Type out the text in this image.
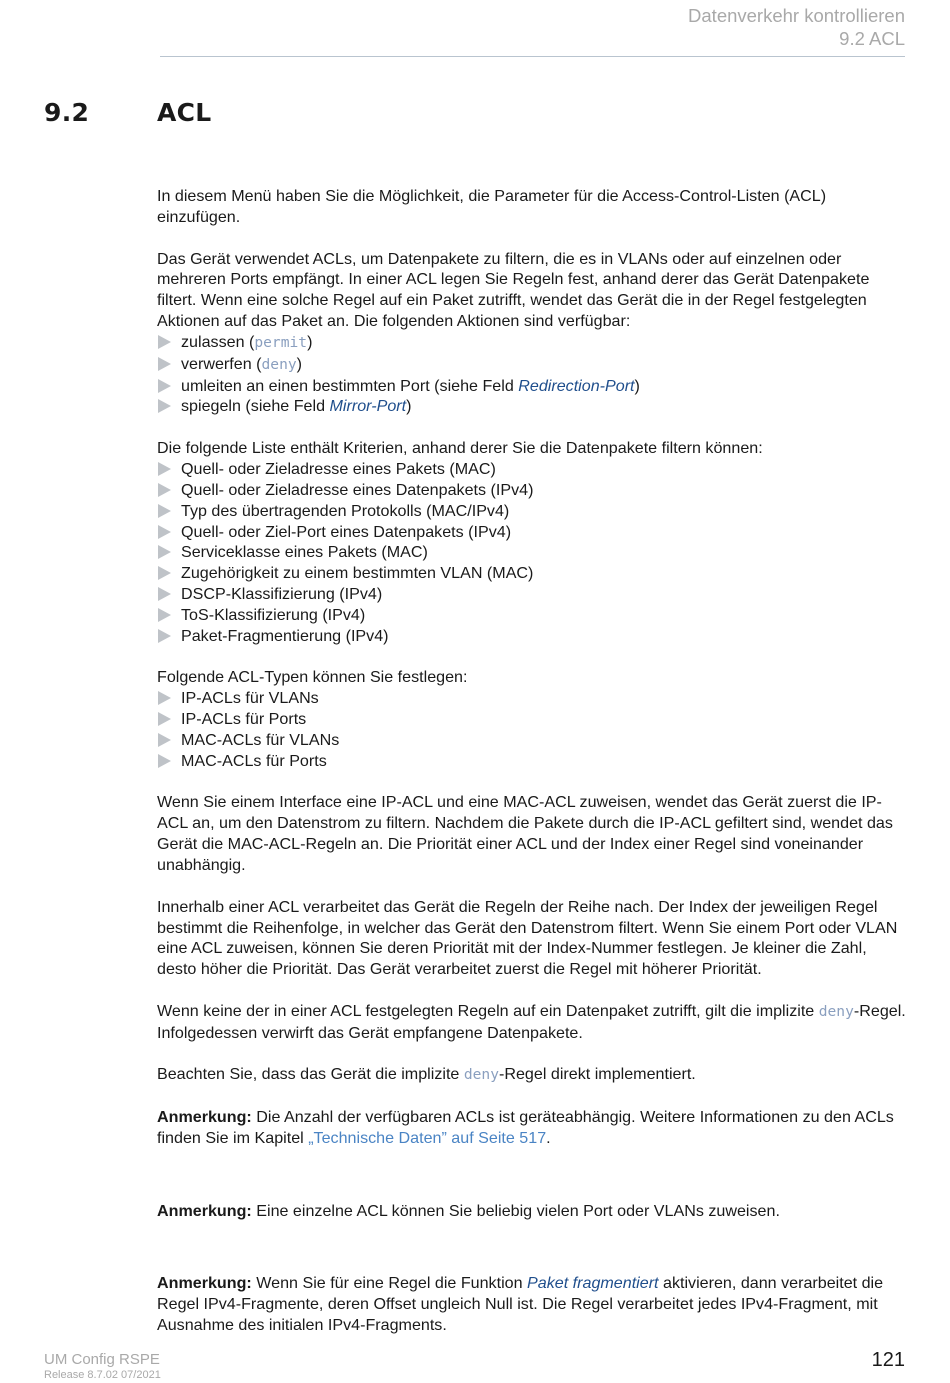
Datenverkehr kontrollieren
9.2 ACL
9.2	ACL

In diesem Menü haben Sie die Möglichkeit, die Parameter für die Access-Control-Listen (ACL) einzufügen.

Das Gerät verwendet ACLs, um Datenpakete zu filtern, die es in VLANs oder auf einzelnen oder mehreren Ports empfängt. In einer ACL legen Sie Regeln fest, anhand derer das Gerät Datenpakete filtert. Wenn eine solche Regel auf ein Paket zutrifft, wendet das Gerät die in der Regel festgelegten Aktionen auf das Paket an. Die folgenden Aktionen sind verfügbar:

zulassen (permit)
verwerfen (deny)
umleiten an einen bestimmten Port (siehe Feld Redirection-Port)
spiegeln (siehe Feld Mirror-Port)

Die folgende Liste enthält Kriterien, anhand derer Sie die Datenpakete filtern können:

Quell- oder Zieladresse eines Pakets (MAC)
Quell- oder Zieladresse eines Datenpakets (IPv4)
Typ des übertragenden Protokolls (MAC/IPv4)
Quell- oder Ziel-Port eines Datenpakets (IPv4)
Serviceklasse eines Pakets (MAC)
Zugehörigkeit zu einem bestimmten VLAN (MAC)
DSCP-Klassifizierung (IPv4)
ToS-Klassifizierung (IPv4)
Paket-Fragmentierung (IPv4)

Folgende ACL-Typen können Sie festlegen:

IP-ACLs für VLANs
IP-ACLs für Ports
MAC-ACLs für VLANs
MAC-ACLs für Ports

Wenn Sie einem Interface eine IP-ACL und eine MAC-ACL zuweisen, wendet das Gerät zuerst die IP-ACL an, um den Datenstrom zu filtern. Nachdem die Pakete durch die IP-ACL gefiltert sind, wendet das Gerät die MAC-ACL-Regeln an. Die Priorität einer ACL und der Index einer Regel sind voneinander unabhängig.

Innerhalb einer ACL verarbeitet das Gerät die Regeln der Reihe nach. Der Index der jeweiligen Regel bestimmt die Reihenfolge, in welcher das Gerät den Datenstrom filtert. Wenn Sie einem Port oder VLAN eine ACL zuweisen, können Sie deren Priorität mit der Index-Nummer festlegen. Je kleiner die Zahl, desto höher die Priorität. Das Gerät verarbeitet zuerst die Regel mit höherer Priorität.

Wenn keine der in einer ACL festgelegten Regeln auf ein Datenpaket zutrifft, gilt die implizite deny-Regel. Infolgedessen verwirft das Gerät empfangene Datenpakete.

Beachten Sie, dass das Gerät die implizite deny-Regel direkt implementiert.

Anmerkung: Die Anzahl der verfügbaren ACLs ist geräteabhängig. Weitere Informationen zu den ACLs finden Sie im Kapitel „Technische Daten” auf Seite 517.

Anmerkung: Eine einzelne ACL können Sie beliebig vielen Port oder VLANs zuweisen.

Anmerkung: Wenn Sie für eine Regel die Funktion Paket fragmentiert aktivieren, dann verarbeitet die Regel IPv4-Fragmente, deren Offset ungleich Null ist. Die Regel verarbeitet jedes IPv4-Fragment, mit Ausnahme des initialen IPv4-Fragments.

UM Config RSPE
Release 8.7.02 07/2021
121
